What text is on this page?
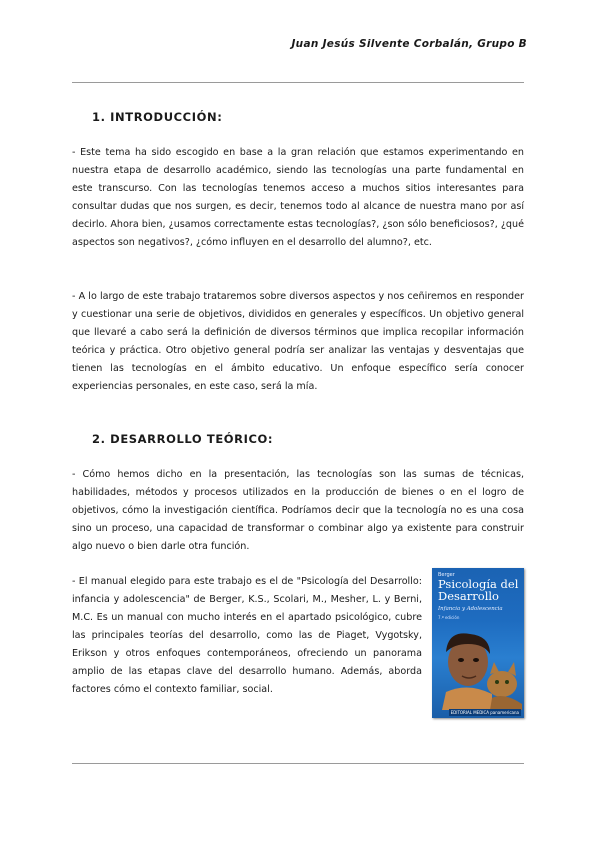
Juan Jesús Silvente Corbalán, Grupo B
1. INTRODUCCIÓN:

- Este tema ha sido escogido en base a la gran relación que estamos experimentando en nuestra etapa de desarrollo académico, siendo las tecnologías una parte fundamental en este transcurso. Con las tecnologías tenemos acceso a muchos sitios interesantes para consultar dudas que nos surgen, es decir, tenemos todo al alcance de nuestra mano por así decirlo. Ahora bien, ¿usamos correctamente estas tecnologías?, ¿son sólo beneficiosos?, ¿qué aspectos son negativos?, ¿cómo influyen en el desarrollo del alumno?, etc.

- A lo largo de este trabajo trataremos sobre diversos aspectos y nos ceñiremos en responder y cuestionar una serie de objetivos, divididos en generales y específicos. Un objetivo general que llevaré a cabo será la definición de diversos términos que implica recopilar información teórica y práctica. Otro objetivo general podría ser analizar las ventajas y desventajas que tienen las tecnologías en el ámbito educativo. Un enfoque específico sería conocer experiencias personales, en este caso, será la mía.

2. DESARROLLO TEÓRICO:

- Cómo hemos dicho en la presentación, las tecnologías son las sumas de técnicas, habilidades, métodos y procesos utilizados en la producción de bienes o en el logro de objetivos, cómo la investigación científica. Podríamos decir que la tecnología no es una cosa sino un proceso, una capacidad de transformar o combinar algo ya existente para construir algo nuevo o bien darle otra función.

- El manual elegido para este trabajo es el de "Psicología del Desarrollo: infancia y adolescencia" de Berger, K.S., Scolari, M., Mesher, L. y Berni, M.C. Es un manual con mucho interés en el apartado psicológico, cubre las principales teorías del desarrollo, como las de Piaget, Vygotsky, Erikson y otros enfoques contemporáneos, ofreciendo un panorama amplio de las etapas clave del desarrollo humano. Además, aborda factores cómo el contexto familiar, social.

Berger
Psicología del Desarrollo
Infancia y Adolescencia
7.ª edición
EDITORIAL MEDICA panamericana
